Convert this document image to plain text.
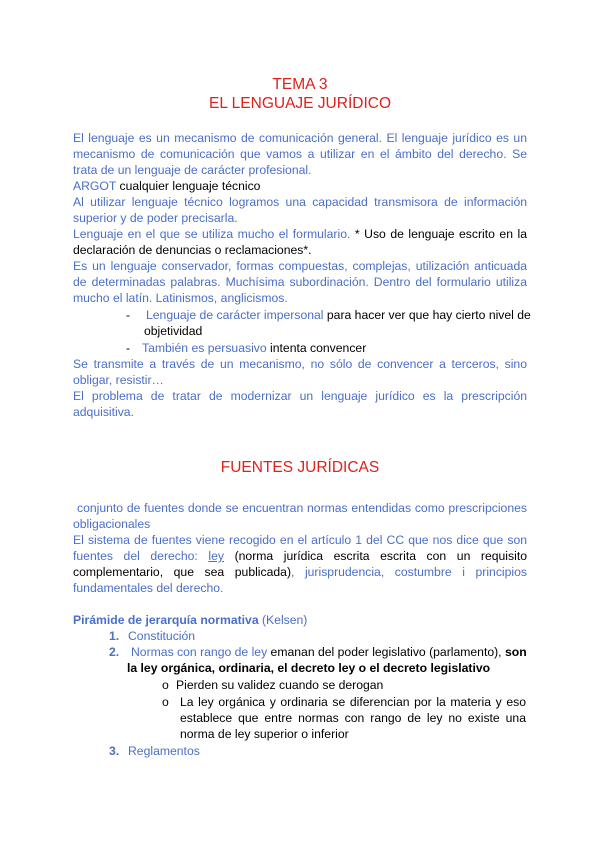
TEMA 3
EL LENGUAJE JURÍDICO
El lenguaje es un mecanismo de comunicación general. El lenguaje jurídico es un mecanismo de comunicación que vamos a utilizar en el ámbito del derecho. Se trata de un lenguaje de carácter profesional.
ARGOT cualquier lenguaje técnico
Al utilizar lenguaje técnico logramos una capacidad transmisora de información superior y de poder precisarla.
Lenguaje en el que se utiliza mucho el formulario. * Uso de lenguaje escrito en la declaración de denuncias o reclamaciones*.
Es un lenguaje conservador, formas compuestas, complejas, utilización anticuada de determinadas palabras. Muchísima subordinación. Dentro del formulario utiliza mucho el latín. Latinismos, anglicismos.
- Lenguaje de carácter impersonal para hacer ver que hay cierto nivel de
objetividad
- También es persuasivo intenta convencer
Se transmite a través de un mecanismo, no sólo de convencer a terceros, sino obligar, resistir…
El problema de tratar de modernizar un lenguaje jurídico es la prescripción adquisitiva.
FUENTES JURÍDICAS
conjunto de fuentes donde se encuentran normas entendidas como prescripciones obligacionales
El sistema de fuentes viene recogido en el artículo 1 del CC que nos dice que son fuentes del derecho: ley (norma jurídica escrita escrita con un requisito complementario, que sea publicada), jurisprudencia, costumbre i principios fundamentales del derecho.
Pirámide de jerarquía normativa (Kelsen)
1. Constitución
2. Normas con rango de ley emanan del poder legislativo (parlamento), son
la ley orgánica, ordinaria, el decreto ley o el decreto legislativo
o Pierden su validez cuando se derogan
o La ley orgánica y ordinaria se diferencian por la materia y eso establece que entre normas con rango de ley no existe una norma de ley superior o inferior
3. Reglamentos
